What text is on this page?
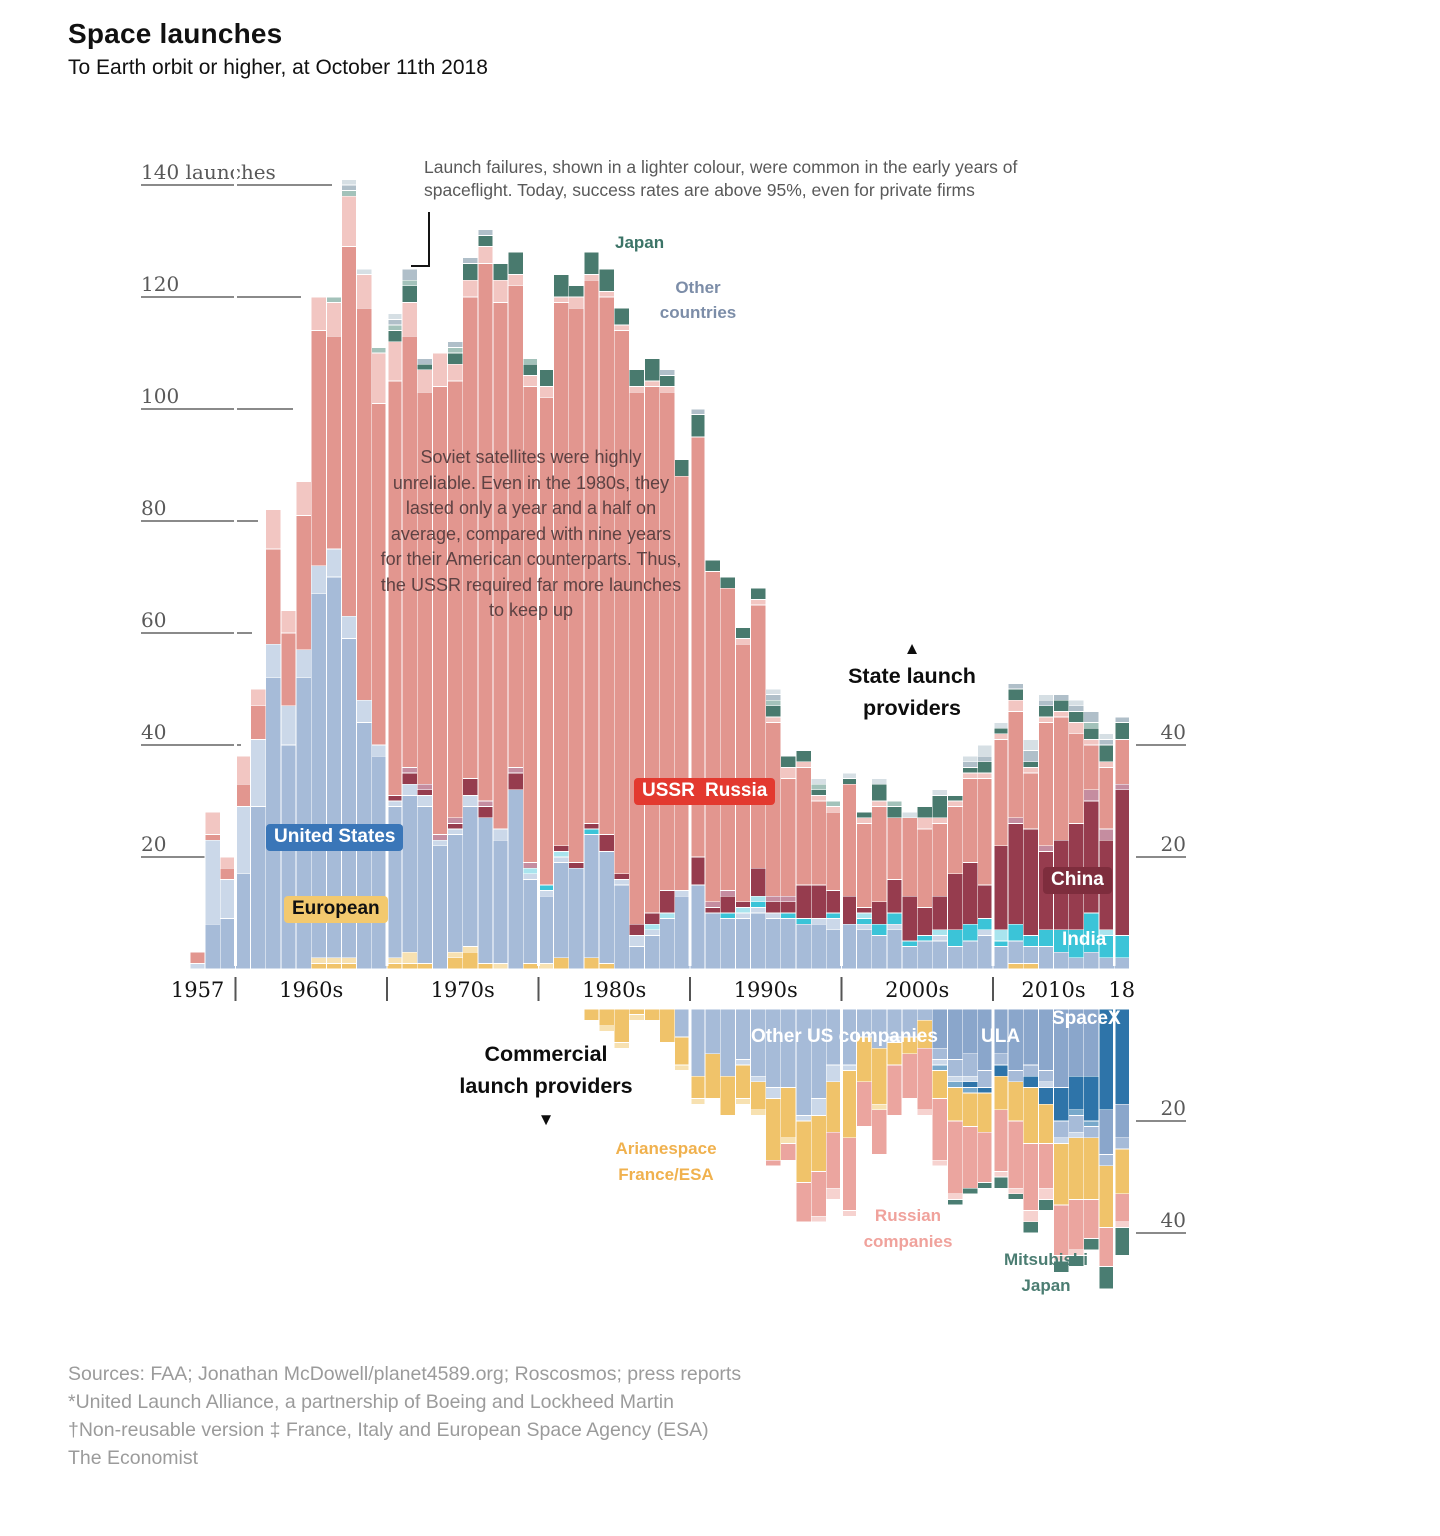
Space launches
To Earth orbit or higher, at October 11th 2018
20
40
60
80
100
120
140 launches
40
20
20
40
1957	1960s	1970s	1980s	1990s	2000s	2010s 18
Launch failures, shown in a lighter colour, were common in the early years of spaceflight. Today, success rates are above 95%, even for private firms
Japan
Other
countries
Soviet satellites were highly unreliable. Even in the 1980s, they lasted only a year and a half on average, compared with nine years for their American counterparts. Thus, the USSR required far more launches to keep up
USSR Russia
United States
European
China
India
▲
State launch
providers
Commercial
launch providers
▼
Other US companies ULA
SpaceX
Arianespace
France/ESA
Russian
companies
Mitsubishi
Japan
Sources: FAA; Jonathan McDowell/planet4589.org; Roscosmos; press reports
*United Launch Alliance, a partnership of Boeing and Lockheed Martin
†Non-reusable version ‡ France, Italy and European Space Agency (ESA)
The Economist
